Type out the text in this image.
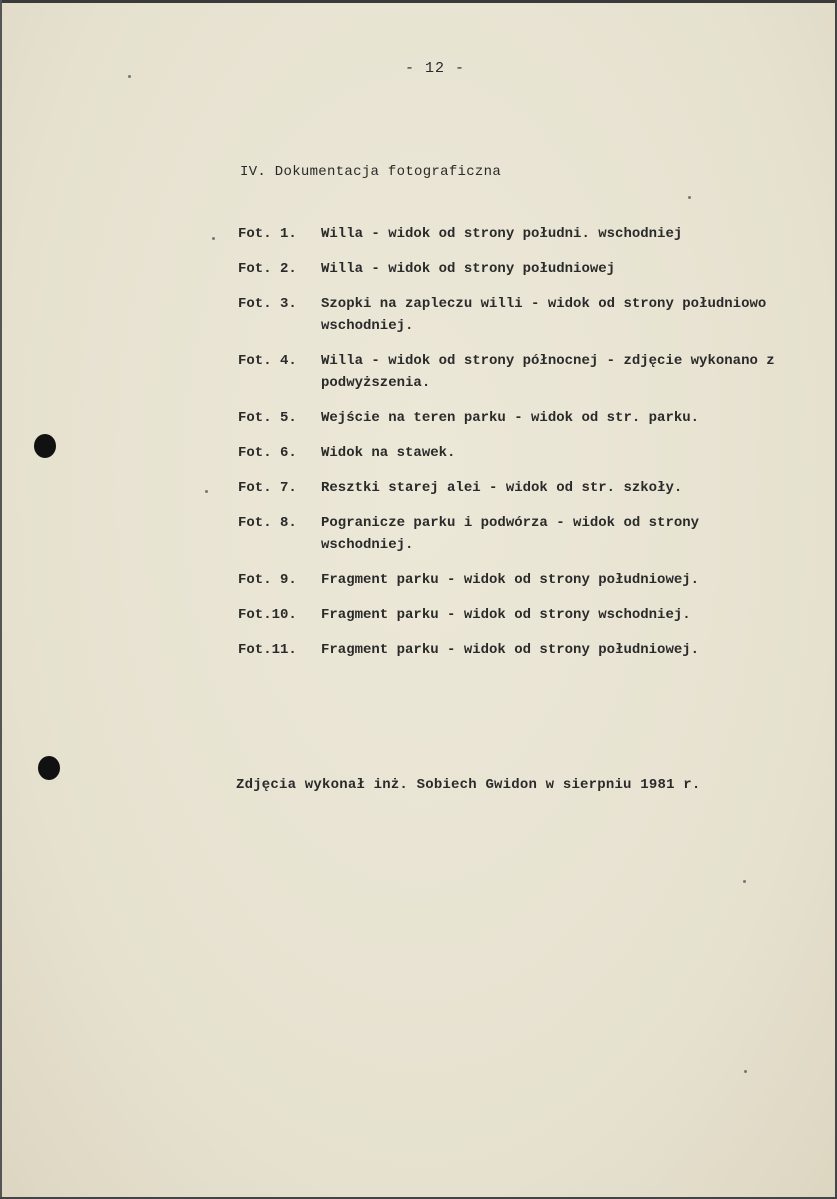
- 12 -
IV. Dokumentacja fotograficzna
Fot. 1.	Willa - widok od strony południ. wschodniej
Fot. 2.	Willa - widok od strony południowej
Fot. 3.	Szopki na zapleczu willi - widok od strony południowo wschodniej.
Fot. 4.	Willa - widok od strony północnej - zdjęcie wykonano z podwyższenia.
Fot. 5.	Wejście na teren parku - widok od str. parku.
Fot. 6.	Widok na stawek.
Fot. 7.	Resztki starej alei - widok od str. szkoły.
Fot. 8.	Pogranicze parku i podwórza - widok od strony wschodniej.
Fot. 9.	Fragment parku - widok od strony południowej.
Fot.10.	Fragment parku - widok od strony wschodniej.
Fot.11.	Fragment parku - widok od strony południowej.
Zdjęcia wykonał inż. Sobiech Gwidon w sierpniu 1981 r.
